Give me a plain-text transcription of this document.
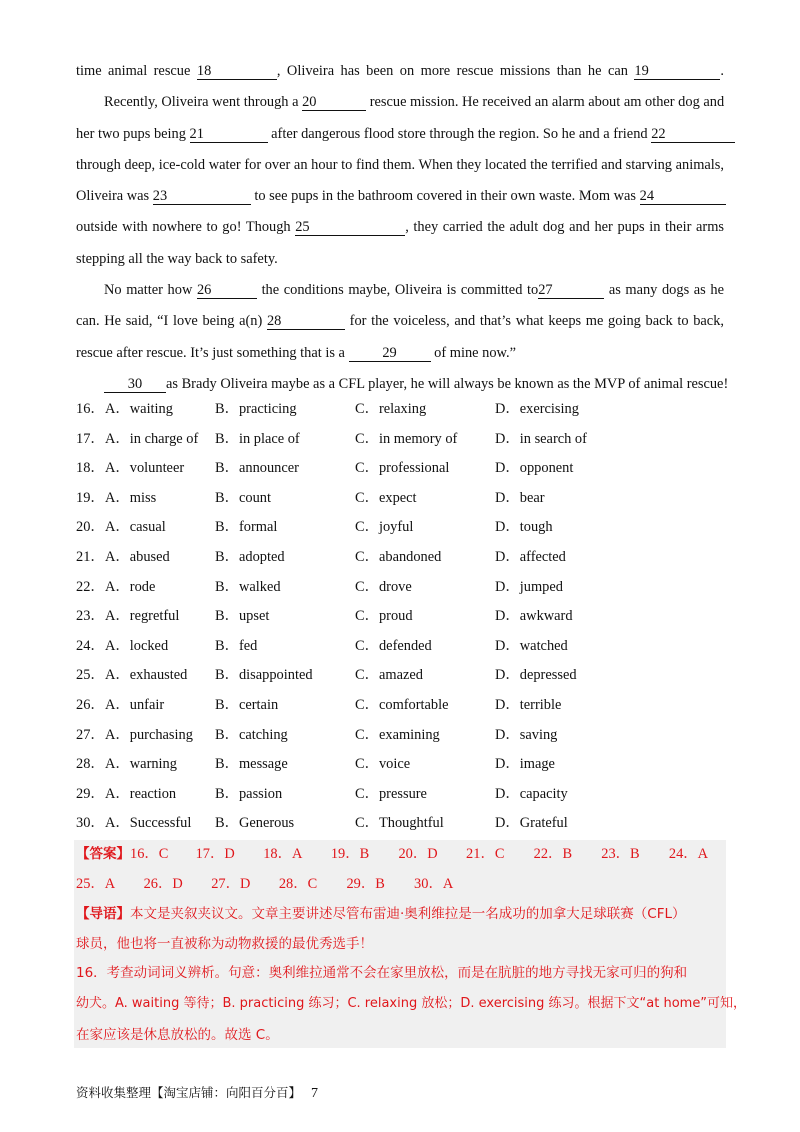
time animal rescue 18	, Oliveira has been on more rescue missions than he can 19	.
Recently, Oliveira went through a 20	rescue mission. He received an alarm about am other dog and
her two pups being 21	after dangerous flood store through the region. So he and a friend 22
through deep, ice-cold water for over an hour to find them. When they located the terrified and starving animals,
Oliveira was 23	to see pups in the bathroom covered in their own waste. Mom was 24
outside with nowhere to go! Though 25	, they carried the adult dog and her pups in their arms
stepping all the way back to safety.
No matter how 26	the conditions maybe, Oliveira is committed to27	as many dogs as he
can. He said, “I love being a(n) 28	for the voiceless, and that’s what keeps me going back to back,
rescue after rescue. It’s just something that is a	29	of mine now.”
30 as Brady Oliveira maybe as a CFL player, he will always be known as the MVP of animal rescue!
16． A．waiting	B．practicing	C．relaxing	D．exercising
17． A．in charge of B．in place of	C．in memory of	D．in search of
18． A．volunteer B．announcer	C．professional	D．opponent
19． A．miss	B．count	C．expect	D．bear
20． A．casual	B．formal	C．joyful	D．tough
21． A．abused	B．adopted	C．abandoned	D．affected
22． A．rode	B．walked	C．drove	D．jumped
23． A．regretful B．upset	C．proud	D．awkward
24． A．locked	B．fed	C．defended	D．watched
25． A．exhausted B．disappointed	C．amazed	D．depressed
26． A．unfair	B．certain	C．comfortable	D．terrible
27． A．purchasing B．catching	C．examining	D．saving
28． A．warning	B．message	C．voice	D．image
29． A．reaction	B．passion	C．pressure	D．capacity
30． A．Successful B．Generous	C．Thoughtful	D．Grateful
【答案】16．C 17．D 18．A 19．B 20．D 21．C 22．B 23．B 24．A
25．A 26．D 27．D 28．C 29．B 30．A
【导语】本文是夹叙夹议文。文章主要讲述尽管布雷迪·奥利维拉是一名成功的加拿大足球联赛（CFL）
球员，他也将一直被称为动物救援的最优秀选手！
16．考查动词词义辨析。句意：奥利维拉通常不会在家里放松，而是在肮脏的地方寻找无家可归的狗和
幼犬。A. waiting 等待；B. practicing 练习；C. relaxing 放松；D. exercising 练习。根据下文“at home”可知，
在家应该是休息放松的。故选 C。
资料收集整理【淘宝店铺：向阳百分百】 7
